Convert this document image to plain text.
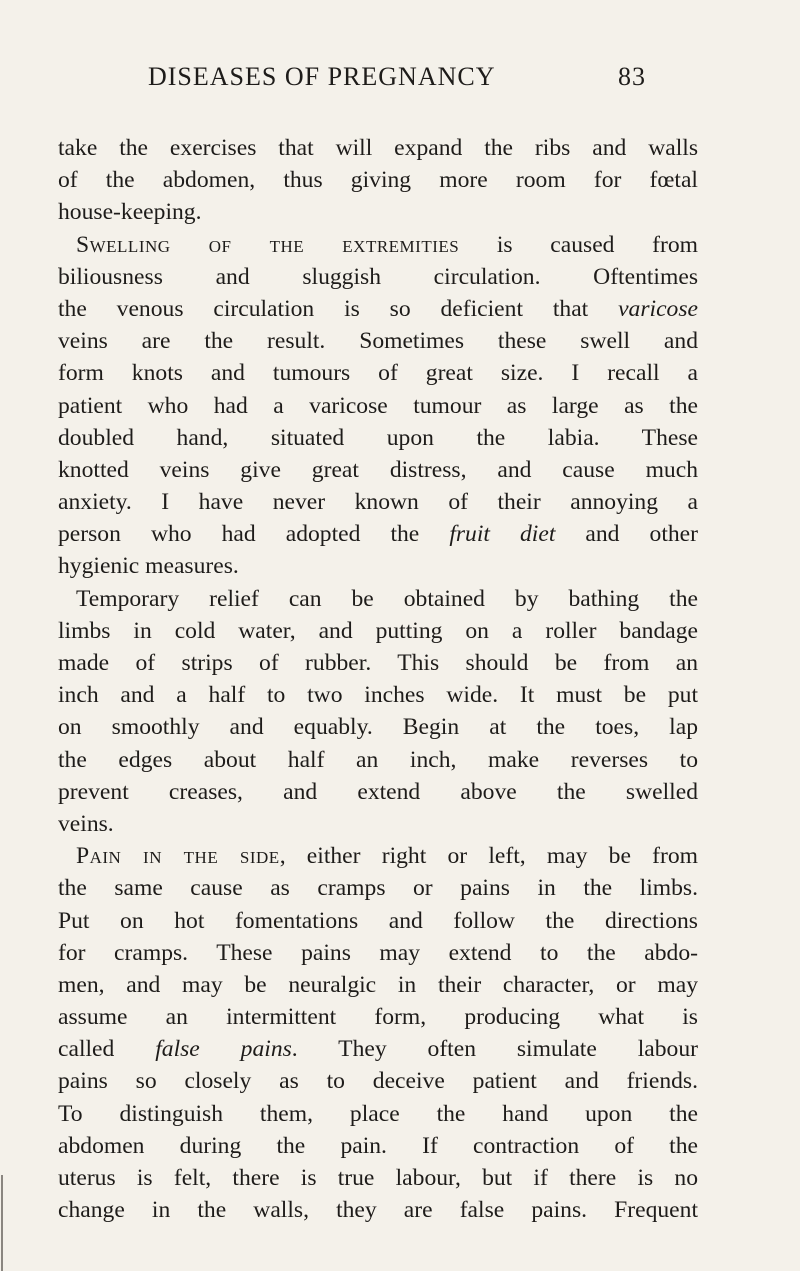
DISEASES OF PREGNANCY	83
take the exercises that will expand the ribs and walls
of the abdomen, thus giving more room for fœtal
house-keeping.
Swelling of the extremities is caused from
biliousness and sluggish circulation. Oftentimes
the venous circulation is so deficient that varicose
veins are the result. Sometimes these swell and
form knots and tumours of great size. I recall a
patient who had a varicose tumour as large as the
doubled hand, situated upon the labia. These
knotted veins give great distress, and cause much
anxiety. I have never known of their annoying a
person who had adopted the fruit diet and other
hygienic measures.
Temporary relief can be obtained by bathing the
limbs in cold water, and putting on a roller bandage
made of strips of rubber. This should be from an
inch and a half to two inches wide. It must be put
on smoothly and equably. Begin at the toes, lap
the edges about half an inch, make reverses to
prevent creases, and extend above the swelled
veins.
Pain in the side, either right or left, may be from
the same cause as cramps or pains in the limbs.
Put on hot fomentations and follow the directions
for cramps. These pains may extend to the abdo-
men, and may be neuralgic in their character, or may
assume an intermittent form, producing what is
called false pains. They often simulate labour
pains so closely as to deceive patient and friends.
To distinguish them, place the hand upon the
abdomen during the pain. If contraction of the
uterus is felt, there is true labour, but if there is no
change in the walls, they are false pains. Frequent
